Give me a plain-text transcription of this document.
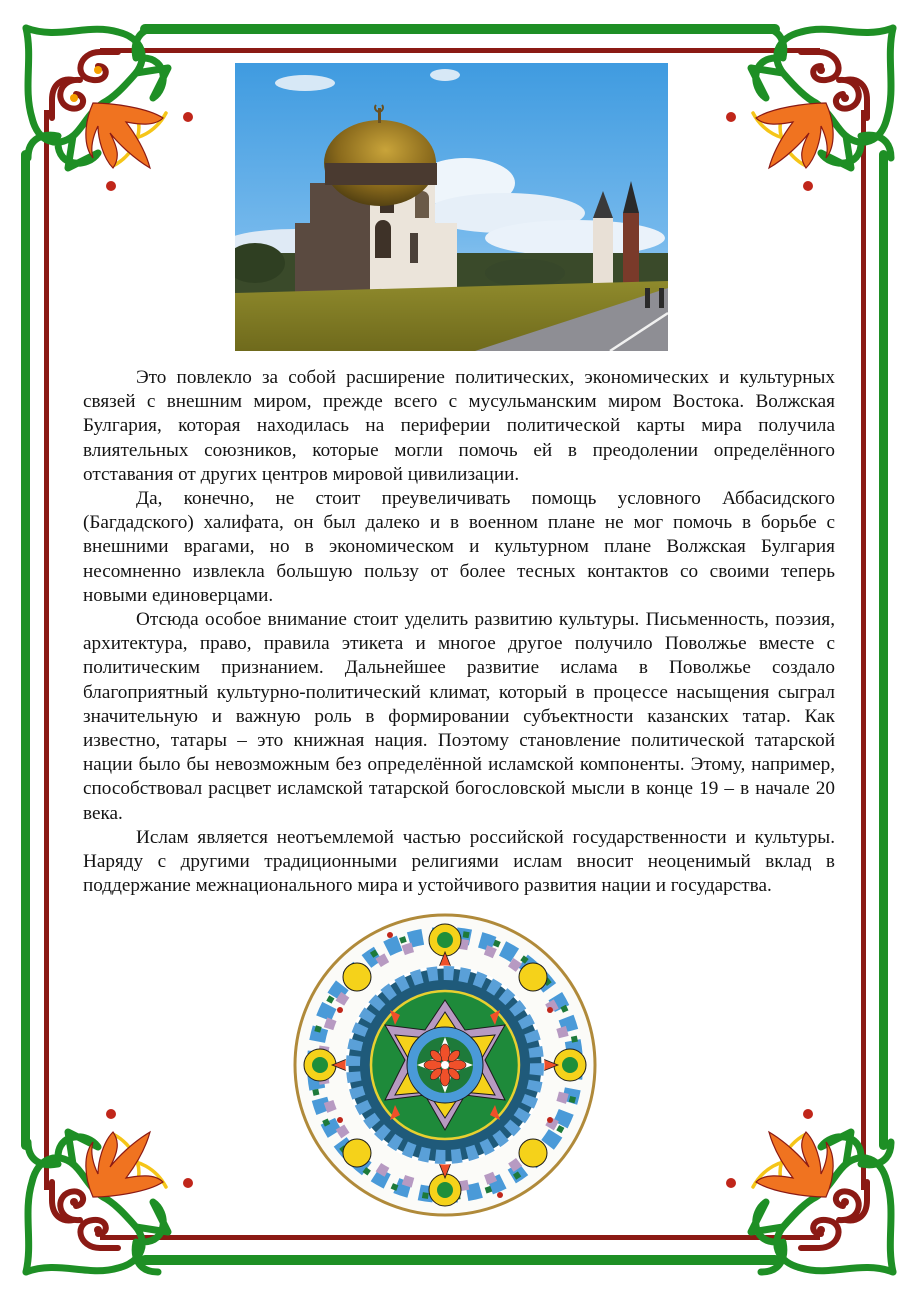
Это повлекло за собой расширение политических, экономических и культурных связей с внешним миром, прежде всего с мусульманским миром Востока. Волжская Булгария, которая находилась на периферии политической карты мира получила влиятельных союзников, которые могли помочь ей в преодолении определённого отставания от других центров мировой цивилизации.

Да, конечно, не стоит преувеличивать помощь условного Аббасидского (Багдадского) халифата, он был далеко и в военном плане не мог помочь в борьбе с внешними врагами, но в экономическом и культурном плане Волжская Булгария несомненно извлекла большую пользу от более тесных контактов со своими теперь новыми единоверцами.

Отсюда особое внимание стоит уделить развитию культуры. Письменность, поэзия, архитектура, право, правила этикета и многое другое получило Поволжье вместе с политическим признанием. Дальнейшее развитие ислама в Поволжье создало благоприятный культурно-политический климат, который в процессе насыщения сыграл значительную и важную роль в формировании субъектности казанских татар. Как известно, татары – это книжная нация. Поэтому становление политической татарской нации было бы невозможным без определённой исламской компоненты. Этому, например, способствовал расцвет исламской татарской богословской мысли в конце 19 – в начале 20 века.

Ислам является неотъемлемой частью российской государственности и культуры. Наряду с другими традиционными религиями ислам вносит неоценимый вклад в поддержание межнационального мира и устойчивого развития нации и государства.
